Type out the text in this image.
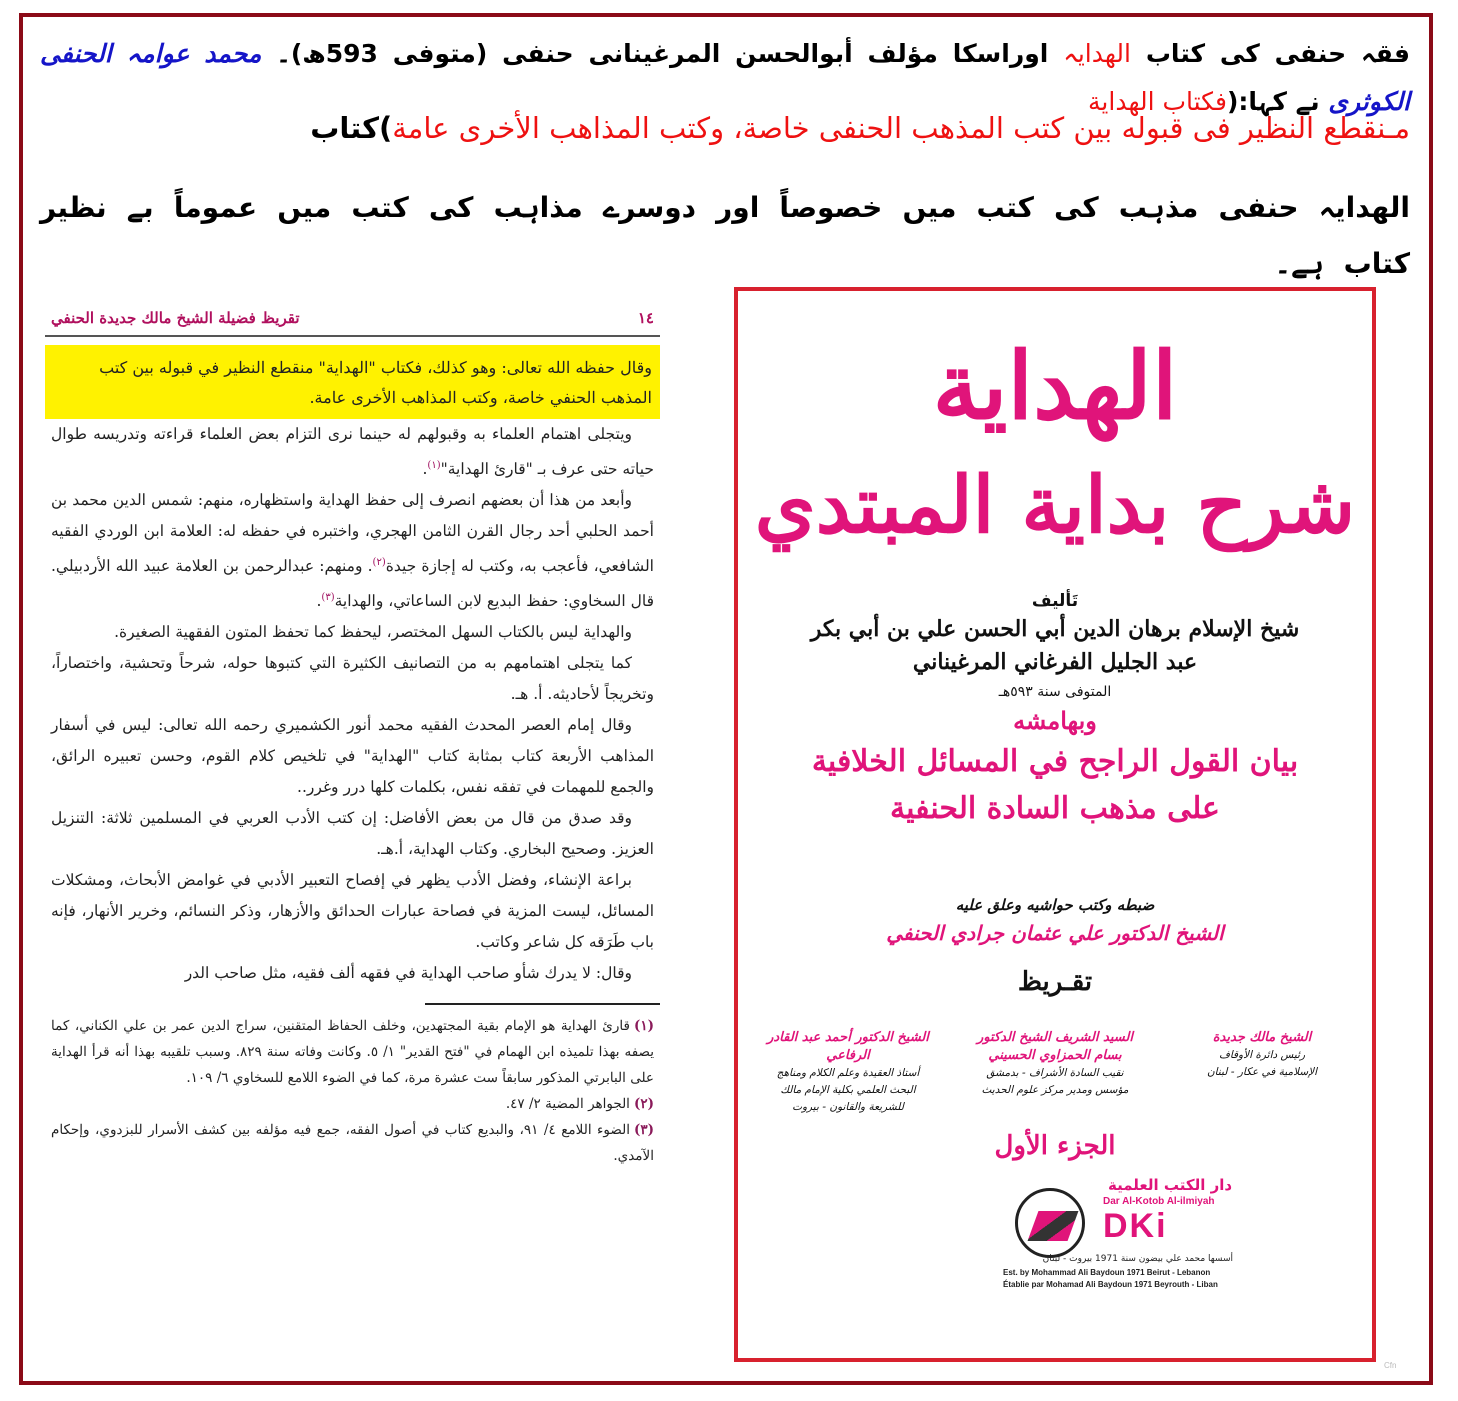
فقہ حنفی کی کتاب الھدایہ اوراسکا مؤلف أبوالحسن المرغینانی حنفی (متوفی 593ھ)۔ محمد عوامہ الحنفی الکوثری نے کہا:(فکتاب الھدایة
مـنقطع النظیر فی قبوله بین کتب المذھب الحنفی خاصة، وکتب المذاھب الأخری عامة)کتاب
الھدایہ حنفی مذہب کی کتب میں خصوصاً اور دوسرے مذاہب کی کتب میں عموماً بے نظیر کتاب ہے۔
١٤
تقريظ فضيلة الشيخ مالك جديدة الحنفي
وقال حفظه الله تعالى: وهو كذلك، فكتاب "الهداية" منقطع النظير في قبوله بين كتب المذهب الحنفي خاصة، وكتب المذاهب الأخرى عامة.
ويتجلى اهتمام العلماء به وقبولهم له حينما نرى التزام بعض العلماء قراءته وتدريسه طوال حياته حتى عرف بـ "قارئ الهداية"$^{(١)}$.
وأبعد من هذا أن بعضهم انصرف إلى حفظ الهداية واستظهاره، منهم: شمس الدين محمد بن أحمد الحلبي أحد رجال القرن الثامن الهجري، واختبره في حفظه له: العلامة ابن الوردي الفقيه الشافعي، فأعجب به، وكتب له إجازة جيدة$^{(٢)}$. ومنهم: عبدالرحمن بن العلامة عبيد الله الأردبيلي. قال السخاوي: حفظ البديع لابن الساعاتي، والهداية$^{(٣)}$.
والهداية ليس بالكتاب السهل المختصر، ليحفظ كما تحفظ المتون الفقهية الصغيرة.
كما يتجلى اهتمامهم به من التصانيف الكثيرة التي كتبوها حوله، شرحاً وتحشية، واختصاراً، وتخريجاً لأحاديثه. أ. هـ.
وقال إمام العصر المحدث الفقيه محمد أنور الكشميري رحمه الله تعالى: ليس في أسفار المذاهب الأربعة كتاب بمثابة كتاب "الهداية" في تلخيص كلام القوم، وحسن تعبيره الرائق، والجمع للمهمات في تفقه نفس، بكلمات كلها درر وغرر..
وقد صدق من قال من بعض الأفاضل: إن كتب الأدب العربي في المسلمين ثلاثة: التنزيل العزيز. وصحيح البخاري. وكتاب الهداية، أ.هـ.
براعة الإنشاء، وفضل الأدب يظهر في إفصاح التعبير الأدبي في غوامض الأبحاث، ومشكلات المسائل، ليست المزية في فصاحة عبارات الحدائق والأزهار، وذكر النسائم، وخرير الأنهار، فإنه باب طَرَقه كل شاعر وكاتب.
وقال: لا يدرك شأو صاحب الهداية في فقهه ألف فقيه، مثل صاحب الدر
(١)قارئ الهداية هو الإمام بقية المجتهدين، وخلف الحفاظ المتقنين، سراج الدين عمر بن علي الكناني، كما يصفه بهذا تلميذه ابن الهمام في "فتح القدير" ١/ ٥. وكانت وفاته سنة ٨٢٩. وسبب تلقيبه بهذا أنه قرأ الهداية على البابرتي المذكور سابقاً ست عشرة مرة، كما في الضوء اللامع للسخاوي ٦/ ١٠٩.
(٢)الجواهر المضية ٢/ ٤٧.
(٣)الضوء اللامع ٤/ ٩١، والبديع كتاب في أصول الفقه، جمع فيه مؤلفه بين كشف الأسرار للبزدوي، وإحكام الآمدي.
الهداية
شرح بداية المبتدي
تَأليف
شيخ الإسلام برهان الدين أبي الحسن علي بن أبي بكر
عبد الجليل الفرغاني المرغيناني
المتوفى سنة ٥٩٣هـ
وبهامشه
بيان القول الراجح في المسائل الخلافية
على مذهب السادة الحنفية
ضبطه وكتب حواشيه وعلق عليه
الشيخ الدكتور علي عثمان جرادي الحنفي
تقـريظ
الشيخ مالك جديدة
رئيس دائرة الأوقاف
الإسلامية في عكار - لبنان
السيد الشريف الشيخ الدكتور بسام الحمزاوي الحسيني
نقيب السادة الأشراف - بدمشق
مؤسس ومدير مركز علوم الحديث
الشيخ الدكتور أحمد عبد القادر الرفاعي
أستاذ العقيدة وعلم الكلام ومناهج
البحث العلمي بكلية الإمام مالك
للشريعة والقانون - بيروت
الجزء الأول
دار الكتب العلمية
Dar Al-Kotob Al-ilmiyah
DKi
أسسها محمد علي بيضون سنة 1971 بيروت - لبنان
Est. by Mohammad Ali Baydoun 1971 Beirut - Lebanon
Établie par Mohamad Ali Baydoun 1971 Beyrouth - Liban
Cfn
